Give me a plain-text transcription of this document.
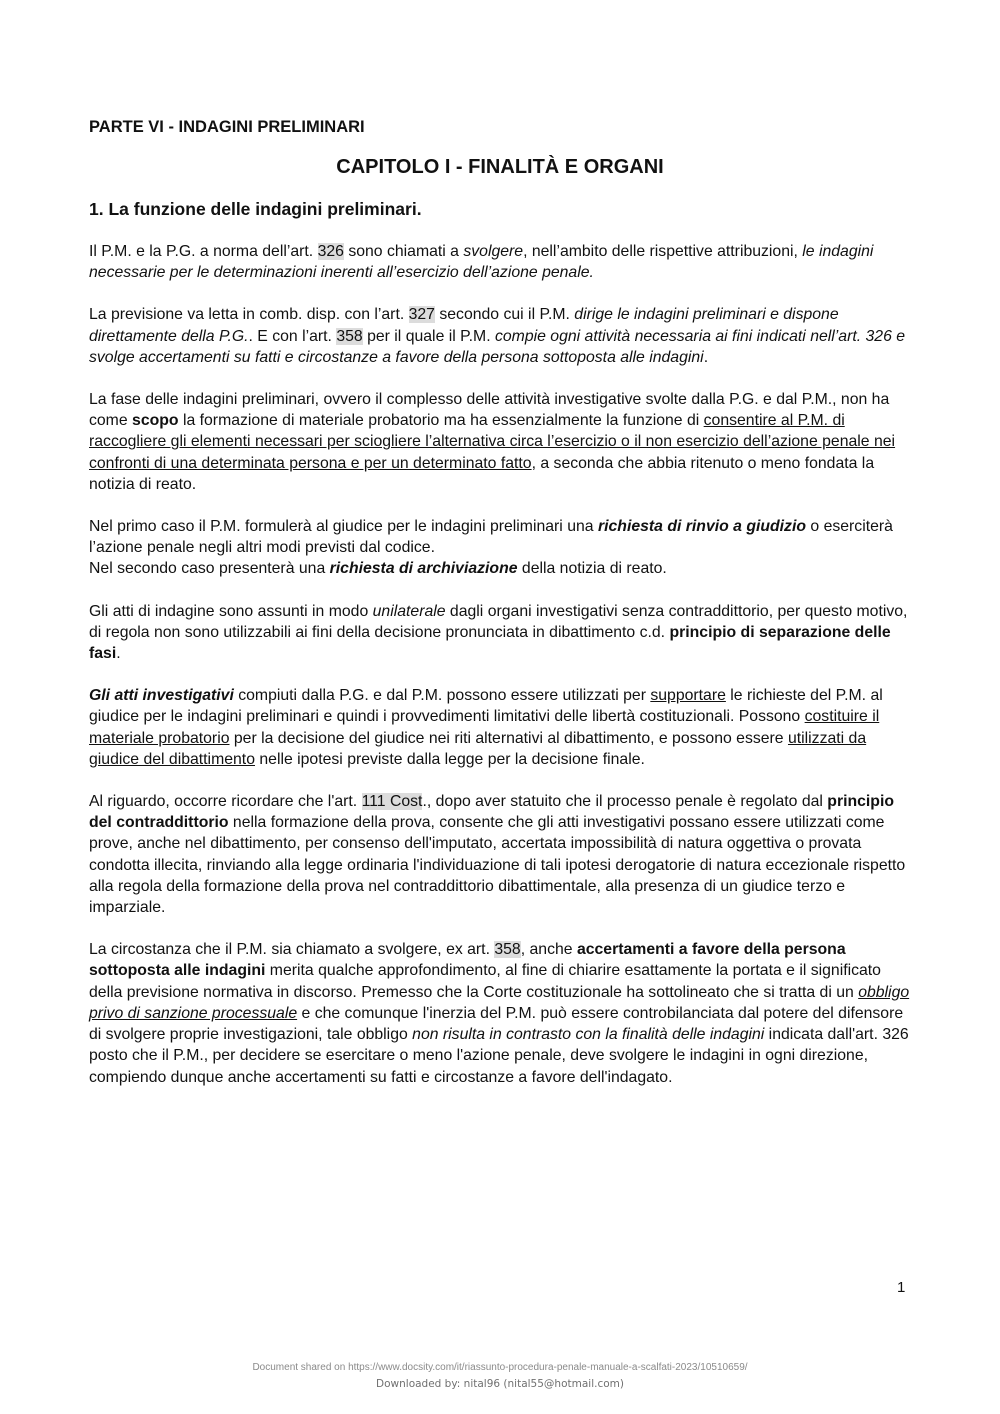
PARTE VI - INDAGINI PRELIMINARI
CAPITOLO I - FINALITÀ E ORGANI
1. La funzione delle indagini preliminari.

Il P.M. e la P.G. a norma dell’art. 326 sono chiamati a svolgere, nell’ambito delle rispettive attribuzioni, le indagini necessarie per le determinazioni inerenti all’esercizio dell’azione penale.

La previsione va letta in comb. disp. con l’art. 327 secondo cui il P.M. dirige le indagini preliminari e dispone direttamente della P.G.. E con l’art. 358 per il quale il P.M. compie ogni attività necessaria ai fini indicati nell’art. 326 e svolge accertamenti su fatti e circostanze a favore della persona sottoposta alle indagini.

La fase delle indagini preliminari, ovvero il complesso delle attività investigative svolte dalla P.G. e dal P.M., non ha come scopo la formazione di materiale probatorio ma ha essenzialmente la funzione di consentire al P.M. di raccogliere gli elementi necessari per sciogliere l’alternativa circa l’esercizio o il non esercizio dell’azione penale nei confronti di una determinata persona e per un determinato fatto, a seconda che abbia ritenuto o meno fondata la notizia di reato.

Nel primo caso il P.M. formulerà al giudice per le indagini preliminari una richiesta di rinvio a giudizio o eserciterà l’azione penale negli altri modi previsti dal codice.

Nel secondo caso presenterà una richiesta di archiviazione della notizia di reato.

Gli atti di indagine sono assunti in modo unilaterale dagli organi investigativi senza contraddittorio, per questo motivo, di regola non sono utilizzabili ai fini della decisione pronunciata in dibattimento c.d. principio di separazione delle fasi.

Gli atti investigativi compiuti dalla P.G. e dal P.M. possono essere utilizzati per supportare le richieste del P.M. al giudice per le indagini preliminari e quindi i provvedimenti limitativi delle libertà costituzionali. Possono costituire il materiale probatorio per la decisione del giudice nei riti alternativi al dibattimento, e possono essere utilizzati da giudice del dibattimento nelle ipotesi previste dalla legge per la decisione finale.

Al riguardo, occorre ricordare che l'art. 111 Cost., dopo aver statuito che il processo penale è regolato dal principio del contraddittorio nella formazione della prova, consente che gli atti investigativi possano essere utilizzati come prove, anche nel dibattimento, per consenso dell'imputato, accertata impossibilità di natura oggettiva o provata condotta illecita, rinviando alla legge ordinaria l'individuazione di tali ipotesi derogatorie di natura eccezionale rispetto alla regola della formazione della prova nel contraddittorio dibattimentale, alla presenza di un giudice terzo e imparziale.

La circostanza che il P.M. sia chiamato a svolgere, ex art. 358, anche accertamenti a favore della persona sottoposta alle indagini merita qualche approfondimento, al fine di chiarire esattamente la portata e il significato della previsione normativa in discorso. Premesso che la Corte costituzionale ha sottolineato che si tratta di un obbligo privo di sanzione processuale e che comunque l'inerzia del P.M. può essere controbilanciata dal potere del difensore di svolgere proprie investigazioni, tale obbligo non risulta in contrasto con la finalità delle indagini indicata dall'art. 326 posto che il P.M., per decidere se esercitare o meno l'azione penale, deve svolgere le indagini in ogni direzione, compiendo dunque anche accertamenti su fatti e circostanze a favore dell'indagato.

1
Document shared on https://www.docsity.com/it/riassunto-procedura-penale-manuale-a-scalfati-2023/10510659/
Downloaded by: nital96 (nital55@hotmail.com)
